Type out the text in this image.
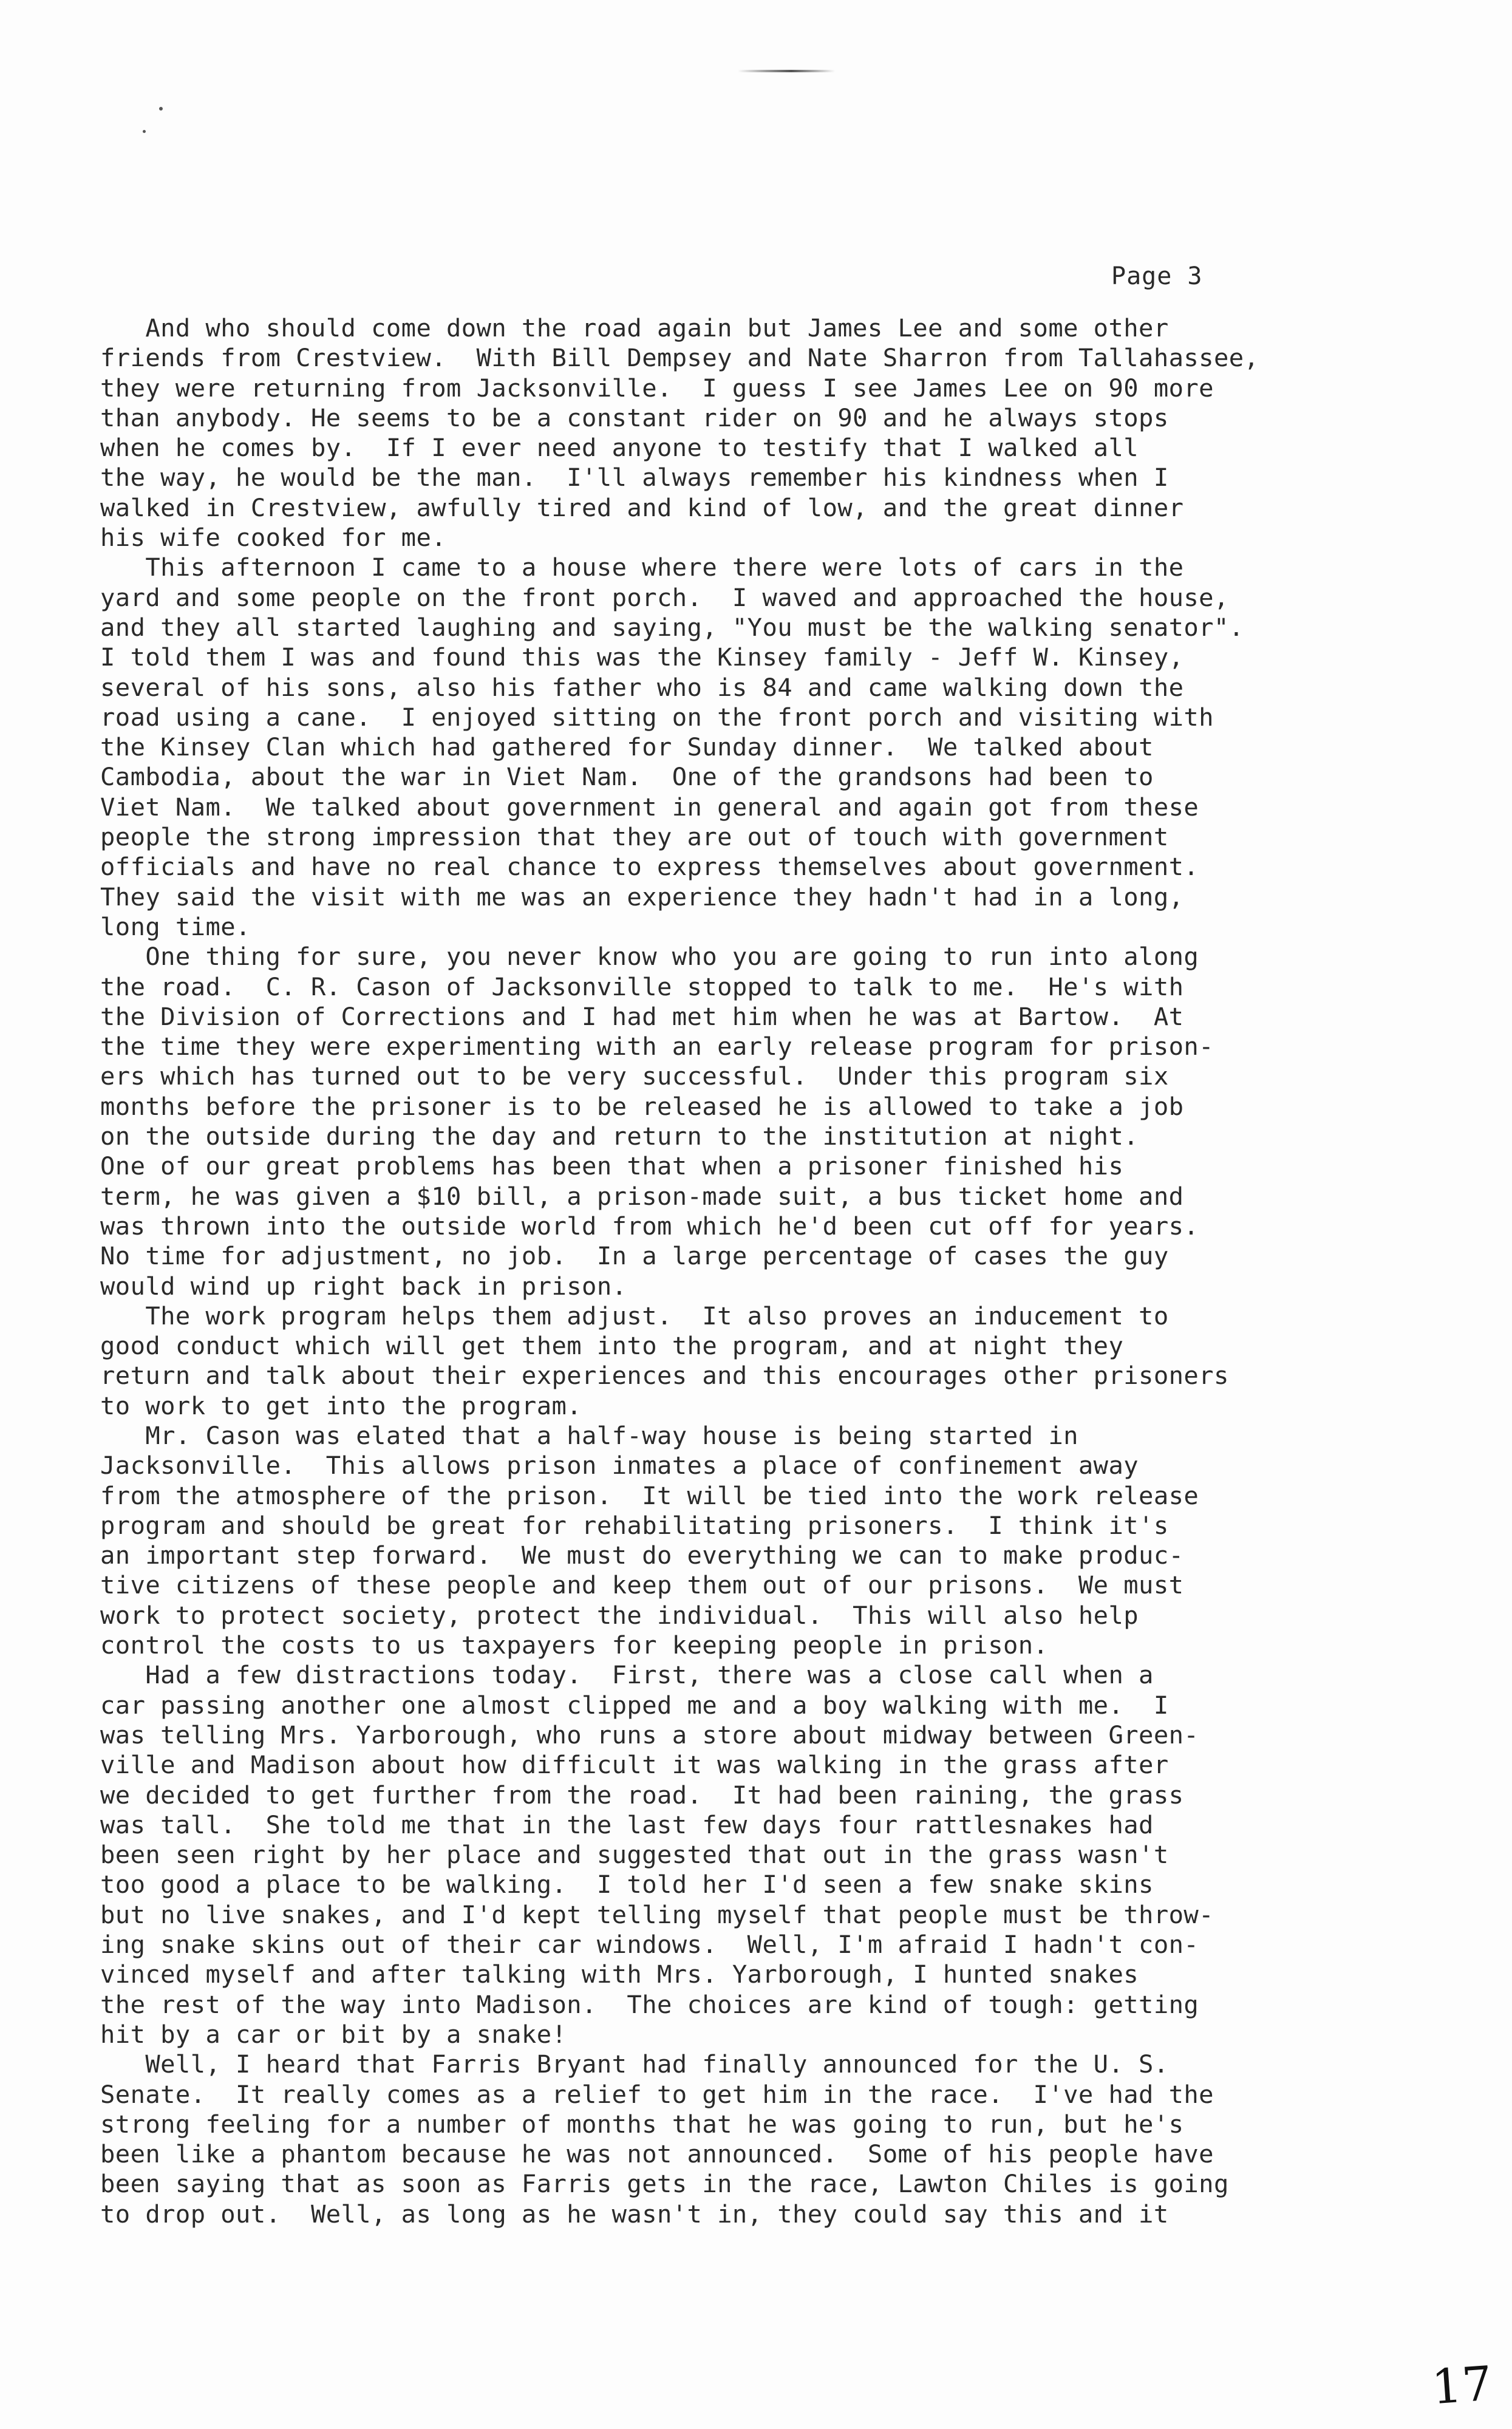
Page 3
And who should come down the road again but James Lee and some other
friends from Crestview.  With Bill Dempsey and Nate Sharron from Tallahassee,
they were returning from Jacksonville.  I guess I see James Lee on 90 more
than anybody. He seems to be a constant rider on 90 and he always stops
when he comes by.  If I ever need anyone to testify that I walked all
the way, he would be the man.  I'll always remember his kindness when I
walked in Crestview, awfully tired and kind of low, and the great dinner
his wife cooked for me.
This afternoon I came to a house where there were lots of cars in the
yard and some people on the front porch.  I waved and approached the house,
and they all started laughing and saying, "You must be the walking senator".
I told them I was and found this was the Kinsey family - Jeff W. Kinsey,
several of his sons, also his father who is 84 and came walking down the
road using a cane.  I enjoyed sitting on the front porch and visiting with
the Kinsey Clan which had gathered for Sunday dinner.  We talked about
Cambodia, about the war in Viet Nam.  One of the grandsons had been to
Viet Nam.  We talked about government in general and again got from these
people the strong impression that they are out of touch with government
officials and have no real chance to express themselves about government.
They said the visit with me was an experience they hadn't had in a long,
long time.
One thing for sure, you never know who you are going to run into along
the road.  C. R. Cason of Jacksonville stopped to talk to me.  He's with
the Division of Corrections and I had met him when he was at Bartow.  At
the time they were experimenting with an early release program for prison-
ers which has turned out to be very successful.  Under this program six
months before the prisoner is to be released he is allowed to take a job
on the outside during the day and return to the institution at night.
One of our great problems has been that when a prisoner finished his
term, he was given a $10 bill, a prison-made suit, a bus ticket home and
was thrown into the outside world from which he'd been cut off for years.
No time for adjustment, no job.  In a large percentage of cases the guy
would wind up right back in prison.
The work program helps them adjust.  It also proves an inducement to
good conduct which will get them into the program, and at night they
return and talk about their experiences and this encourages other prisoners
to work to get into the program.
Mr. Cason was elated that a half-way house is being started in
Jacksonville.  This allows prison inmates a place of confinement away
from the atmosphere of the prison.  It will be tied into the work release
program and should be great for rehabilitating prisoners.  I think it's
an important step forward.  We must do everything we can to make produc-
tive citizens of these people and keep them out of our prisons.  We must
work to protect society, protect the individual.  This will also help
control the costs to us taxpayers for keeping people in prison.
Had a few distractions today.  First, there was a close call when a
car passing another one almost clipped me and a boy walking with me.  I
was telling Mrs. Yarborough, who runs a store about midway between Green-
ville and Madison about how difficult it was walking in the grass after
we decided to get further from the road.  It had been raining, the grass
was tall.  She told me that in the last few days four rattlesnakes had
been seen right by her place and suggested that out in the grass wasn't
too good a place to be walking.  I told her I'd seen a few snake skins
but no live snakes, and I'd kept telling myself that people must be throw-
ing snake skins out of their car windows.  Well, I'm afraid I hadn't con-
vinced myself and after talking with Mrs. Yarborough, I hunted snakes
the rest of the way into Madison.  The choices are kind of tough: getting
hit by a car or bit by a snake!
Well, I heard that Farris Bryant had finally announced for the U. S.
Senate.  It really comes as a relief to get him in the race.  I've had the
strong feeling for a number of months that he was going to run, but he's
been like a phantom because he was not announced.  Some of his people have
been saying that as soon as Farris gets in the race, Lawton Chiles is going
to drop out.  Well, as long as he wasn't in, they could say this and it
17
